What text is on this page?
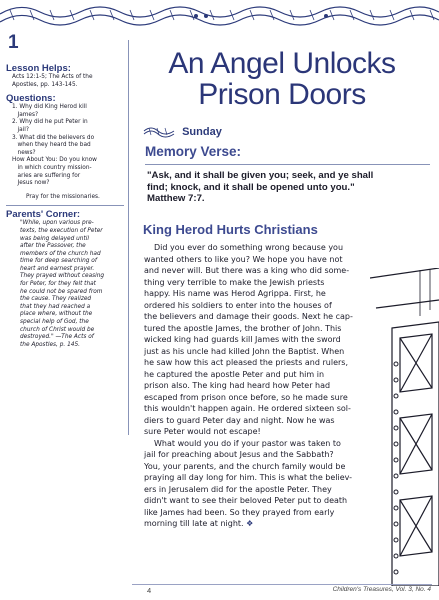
1
Lesson Helps:
Acts 12:1-5; The Acts of the
Apostles, pp. 143-145.
Questions:
1. Why did King Herod kill
James?
2. Why did he put Peter in
jail?
3. What did the believers do
when they heard the bad
news?
How About You: Do you know
in which country mission-
aries are suffering for
Jesus now?
Pray for the missionaries.
Parents' Corner:
"While, upon various pre-
texts, the execution of Peter
was being delayed until
after the Passover, the
members of the church had
time for deep searching of
heart and earnest prayer.
They prayed without ceasing
for Peter, for they felt that
he could not be spared from
the cause. They realized
that they had reached a
place where, without the
special help of God, the
church of Christ would be
destroyed." —The Acts of
the Apostles, p. 145.
An Angel Unlocks
Prison Doors
Sunday
Memory Verse:
"Ask, and it shall be given you; seek, and ye shall
find; knock, and it shall be opened unto you."
Matthew 7:7.
King Herod Hurts Christians
Did you ever do something wrong because you
wanted others to like you? We hope you have not
and never will. But there was a king who did some-
thing very terrible to make the Jewish priests
happy. His name was Herod Agrippa. First, he
ordered his soldiers to enter into the houses of
the believers and damage their goods. Next he cap-
tured the apostle James, the brother of John. This
wicked king had guards kill James with the sword
just as his uncle had killed John the Baptist. When
he saw how this act pleased the priests and rulers,
he captured the apostle Peter and put him in
prison also. The king had heard how Peter had
escaped from prison once before, so he made sure
this wouldn't happen again. He ordered sixteen sol-
diers to guard Peter day and night. Now he was
sure Peter would not escape!
What would you do if your pastor was taken to
jail for preaching about Jesus and the Sabbath?
You, your parents, and the church family would be
praying all day long for him. This is what the believ-
ers in Jerusalem did for the apostle Peter. They
didn't want to see their beloved Peter put to death
like James had been. So they prayed from early
morning till late at night. ❖
4	Children's Treasures, Vol. 3, No. 4
